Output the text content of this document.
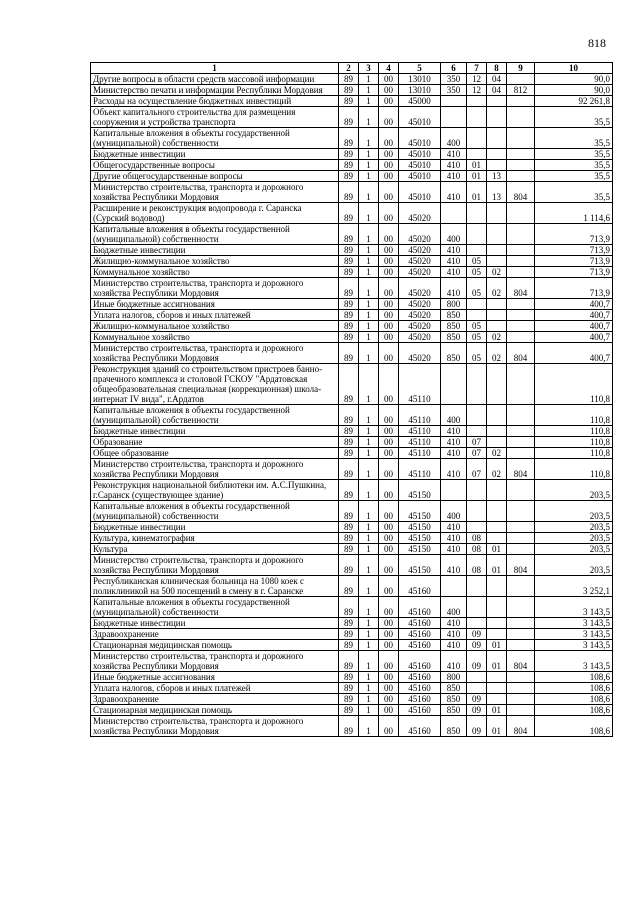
818
1	2	3	4	5	6	7	8	9	10
Другие вопросы в области средств массовой информации	89	1	00	13010	350	12	04		90,0
Министерство печати и информации Республики Мордовия	89	1	00	13010	350	12	04	812	90,0
Расходы на осуществление бюджетных инвестиций	89	1	00	45000					92 261,8
Объект капитального строительства для размещения сооружения и устройства транспорта	89	1	00	45010					35,5
Капитальные вложения в объекты государственной (муниципальной) собственности	89	1	00	45010	400				35,5
Бюджетные инвестиции	89	1	00	45010	410				35,5
Общегосударственные вопросы	89	1	00	45010	410	01			35,5
Другие общегосударственные вопросы	89	1	00	45010	410	01	13		35,5
Министерство строительства, транспорта и дорожного хозяйства Республики Мордовия	89	1	00	45010	410	01	13	804	35,5
Расширение и реконструкция водопровода г. Саранска (Сурский водовод)	89	1	00	45020					1 114,6
Капитальные вложения в объекты государственной (муниципальной) собственности	89	1	00	45020	400				713,9
Бюджетные инвестиции	89	1	00	45020	410				713,9
Жилищно-коммунальное хозяйство	89	1	00	45020	410	05			713,9
Коммунальное хозяйство	89	1	00	45020	410	05	02		713,9
Министерство строительства, транспорта и дорожного хозяйства Республики Мордовия	89	1	00	45020	410	05	02	804	713,9
Иные бюджетные ассигнования	89	1	00	45020	800				400,7
Уплата налогов, сборов и иных платежей	89	1	00	45020	850				400,7
Жилищно-коммунальное хозяйство	89	1	00	45020	850	05			400,7
Коммунальное хозяйство	89	1	00	45020	850	05	02		400,7
Министерство строительства, транспорта и дорожного хозяйства Республики Мордовия	89	1	00	45020	850	05	02	804	400,7
Реконструкция зданий со строительством пристроев банно-прачечного комплекса и столовой ГСКОУ "Ардатовская общеобразовательная специальная (коррекционная) школа-интернат IV вида", г.Ардатов	89	1	00	45110					110,8
Капитальные вложения в объекты государственной (муниципальной) собственности	89	1	00	45110	400				110,8
Бюджетные инвестиции	89	1	00	45110	410				110,8
Образование	89	1	00	45110	410	07			110,8
Общее образование	89	1	00	45110	410	07	02		110,8
Министерство строительства, транспорта и дорожного хозяйства Республики Мордовия	89	1	00	45110	410	07	02	804	110,8
Реконструкция национальной библиотеки им. А.С.Пушкина, г.Саранск (существующее здание)	89	1	00	45150					203,5
Капитальные вложения в объекты государственной (муниципальной) собственности	89	1	00	45150	400				203,5
Бюджетные инвестиции	89	1	00	45150	410				203,5
Культура, кинематография	89	1	00	45150	410	08			203,5
Культура	89	1	00	45150	410	08	01		203,5
Министерство строительства, транспорта и дорожного хозяйства Республики Мордовия	89	1	00	45150	410	08	01	804	203,5
Республиканская клиническая больница на 1080 коек с поликлиникой на 500 посещений в смену в г. Саранске	89	1	00	45160					3 252,1
Капитальные вложения в объекты государственной (муниципальной) собственности	89	1	00	45160	400				3 143,5
Бюджетные инвестиции	89	1	00	45160	410				3 143,5
Здравоохранение	89	1	00	45160	410	09			3 143,5
Стационарная медицинская помощь	89	1	00	45160	410	09	01		3 143,5
Министерство строительства, транспорта и дорожного хозяйства Республики Мордовия	89	1	00	45160	410	09	01	804	3 143,5
Иные бюджетные ассигнования	89	1	00	45160	800				108,6
Уплата налогов, сборов и иных платежей	89	1	00	45160	850				108,6
Здравоохранение	89	1	00	45160	850	09			108,6
Стационарная медицинская помощь	89	1	00	45160	850	09	01		108,6
Министерство строительства, транспорта и дорожного хозяйства Республики Мордовия	89	1	00	45160	850	09	01	804	108,6
